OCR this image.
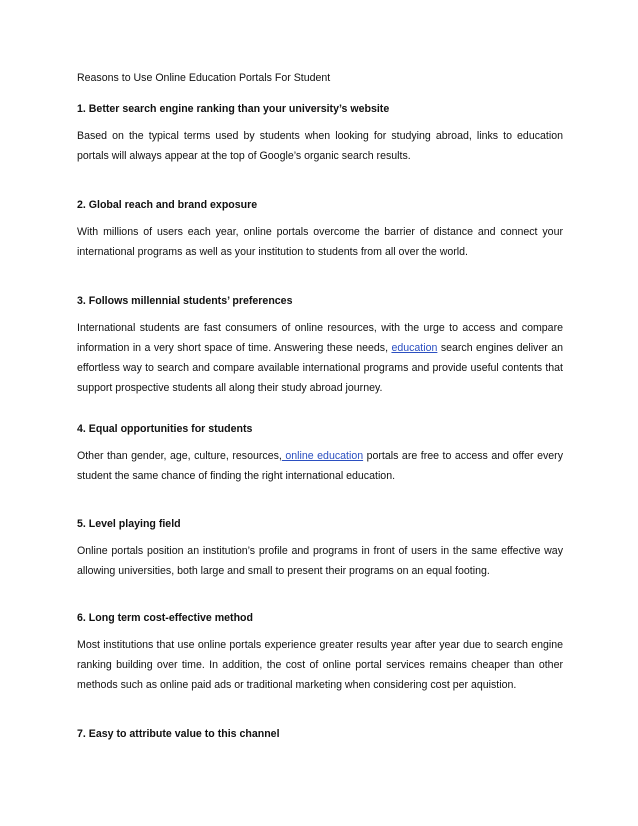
Reasons to Use Online Education Portals For Student
1. Better search engine ranking than your university’s website

Based on the typical terms used by students when looking for studying abroad, links to education portals will always appear at the top of Google’s organic search results.

2. Global reach and brand exposure

With millions of users each year, online portals overcome the barrier of distance and connect your international programs as well as your institution to students from all over the world.

3. Follows millennial students’ preferences

International students are fast consumers of online resources, with the urge to access and compare information in a very short space of time. Answering these needs, education search engines deliver an effortless way to search and compare available international programs and provide useful contents that support prospective students all along their study abroad journey.

4. Equal opportunities for students

Other than gender, age, culture, resources, online education portals are free to access and offer every student the same chance of finding the right international education.

5. Level playing field

Online portals position an institution’s profile and programs in front of users in the same effective way allowing universities, both large and small to present their programs on an equal footing.

6. Long term cost-effective method

Most institutions that use online portals experience greater results year after year due to search engine ranking building over time. In addition, the cost of online portal services remains cheaper than other methods such as online paid ads or traditional marketing when considering cost per aquistion.

7. Easy to attribute value to this channel
